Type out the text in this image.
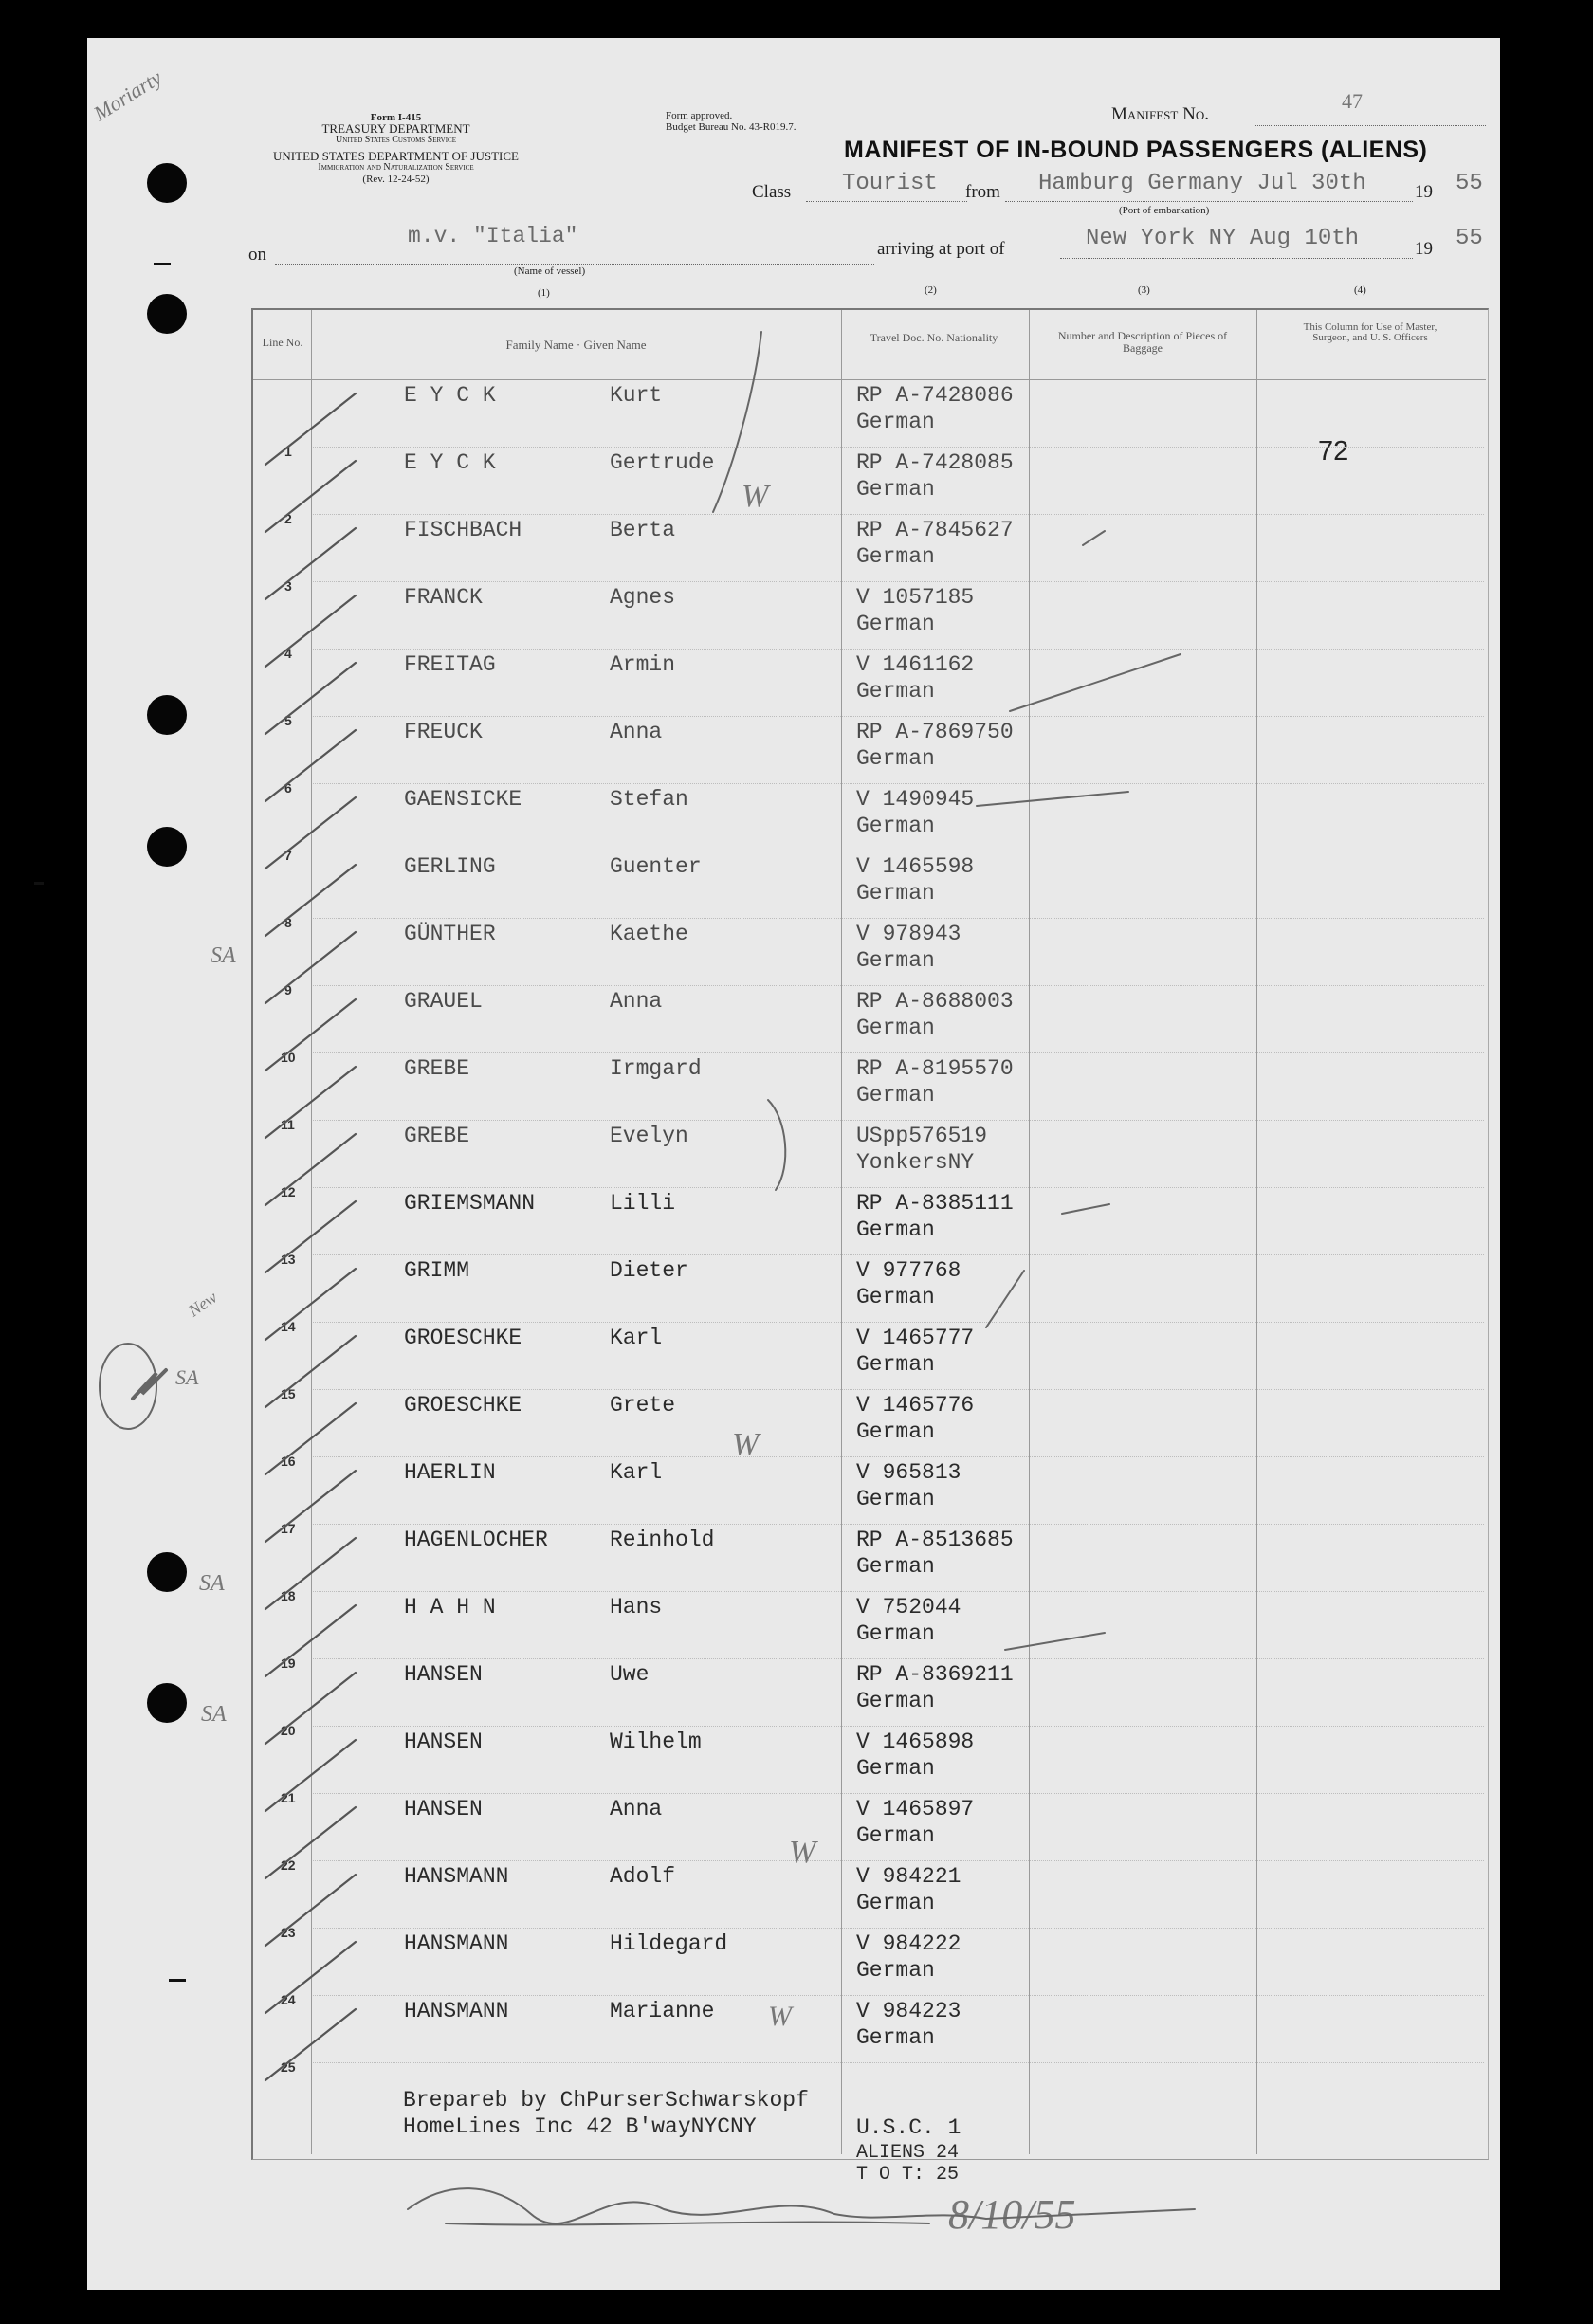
Form I-415
TREASURY DEPARTMENT
United States Customs Service
UNITED STATES DEPARTMENT OF JUSTICE
Immigration and Naturalization Service
(Rev. 12-24-52)
Form approved.
Budget Bureau No. 43-R019.7.
Manifest No.
47
MANIFEST OF IN-BOUND PASSENGERS (ALIENS)
Class Tourist from Hamburg Germany Jul 30th	19 55
(Port of embarkation)
on
m.v. "Italia"
(Name of vessel)
arriving at port of	New York NY Aug 10th	19 55
(1)	(2)	(3)	(4)
Line No.	Family Name · Given Name	Travel Doc. No. Nationality	Number and Description of Pieces of Baggage
This Column for Use of Master, Surgeon, and U. S. Officers
72
1
E Y C K	Kurt	RP A-7428086
German
2
E Y C K	Gertrude	RP A-7428085
German
3
FISCHBACH	Berta	RP A-7845627
German
4
FRANCK	Agnes	V 1057185
German
5
FREITAG	Armin	V 1461162
German
6
FREUCK	Anna	RP A-7869750
German
7
GAENSICKE	Stefan	V 1490945
German
8
GERLING	Guenter	V 1465598
German
9
GÜNTHER	Kaethe	V 978943
German
10
GRAUEL	Anna	RP A-8688003
German
11
GREBE	Irmgard	RP A-8195570
German
12
GREBE	Evelyn	USpp576519
YonkersNY
13
GRIEMSMANN	Lilli	RP A-8385111
German
14
GRIMM	Dieter	V 977768
German
15
GROESCHKE	Karl	V 1465777
German
16
GROESCHKE	Grete	V 1465776
German
17
HAERLIN	Karl	V 965813
German
18
HAGENLOCHER	Reinhold	RP A-8513685
German
19
H A H N	Hans	V 752044
German
20
HANSEN	Uwe	RP A-8369211
German
21
HANSEN	Wilhelm	V 1465898
German
22
HANSEN	Anna	V 1465897
German
23
HANSMANN	Adolf	V 984221
German
24
HANSMANN	Hildegard	V 984222
German
25
HANSMANN	Marianne	V 984223
German
Brepareb by ChPurserSchwarskopf
HomeLines Inc 42 B'wayNYCNY	U.S.C. 1
ALIENS 24
T O T: 25
Moriarty
SA
SA
SA
SA
New
W
W
W
W
8/10/55
